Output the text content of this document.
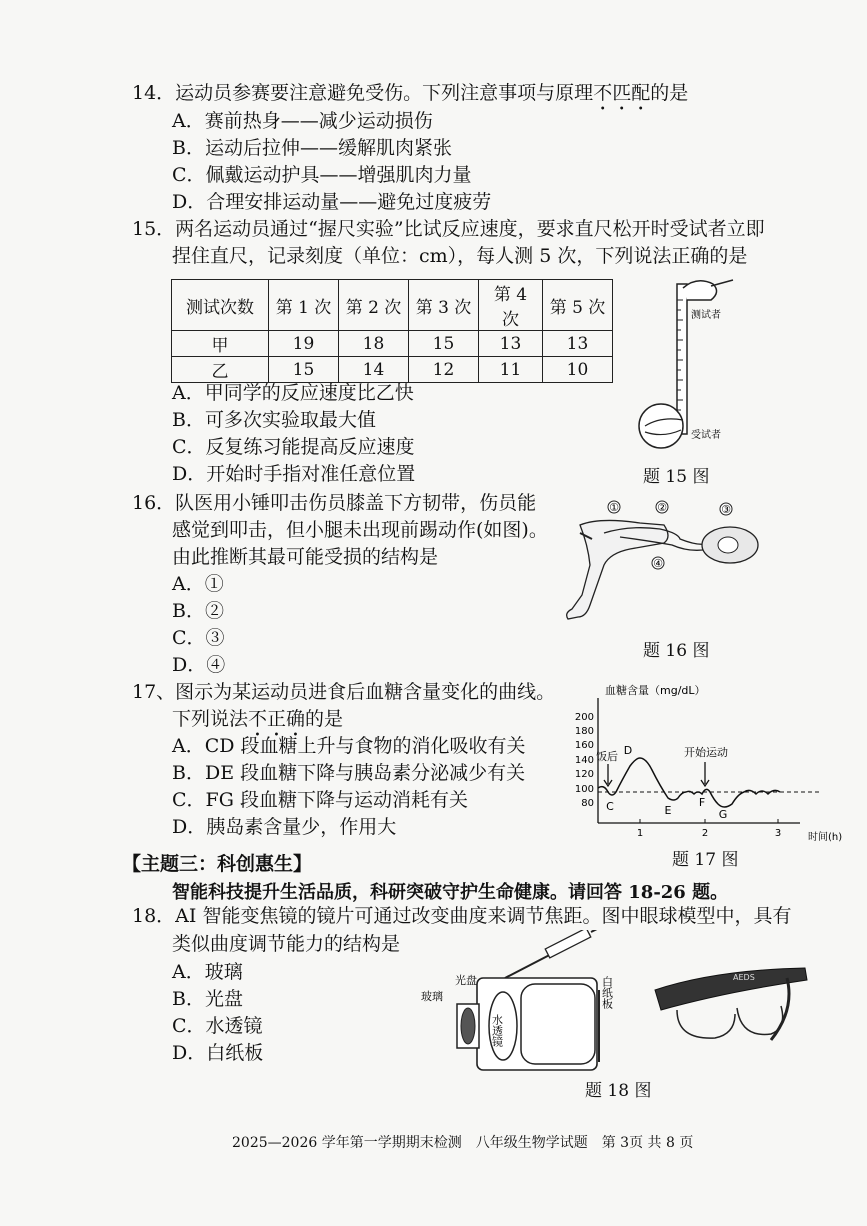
14．运动员参赛要注意避免受伤。下列注意事项与原理不匹配的是
A．赛前热身——减少运动损伤
B．运动后拉伸——缓解肌肉紧张
C．佩戴运动护具——增强肌肉力量
D．合理安排运动量——避免过度疲劳
15．两名运动员通过“握尺实验”比试反应速度，要求直尺松开时受试者立即
捏住直尺，记录刻度（单位：cm），每人测 5 次，下列说法正确的是
测试次数	第 1 次	第 2 次	第 3 次	第 4 次	第 5 次
甲	19	18	15	13	13
乙	15	14	12	11	10
A．甲同学的反应速度比乙快
B．可多次实验取最大值
C．反复练习能提高反应速度
D．开始时手指对准任意位置
测试者
受试者
题 15 图
16．队医用小锤叩击伤员膝盖下方韧带，伤员能
感觉到叩击，但小腿未出现前踢动作(如图)。
由此推断其最可能受损的结构是
A．①
B．②
C．③
D．④
①	②	③
④
题 16 图
17、图示为某运动员进食后血糖含量变化的曲线。
下列说法不正确的是
A．CD 段血糖上升与食物的消化吸收有关
B．DE 段血糖下降与胰岛素分泌减少有关
C．FG 段血糖下降与运动消耗有关
D．胰岛素含量少，作用大
血糖含量（mg/dL）
200
180
160
140
120
100
80
1	2	3	时间(h)
饭后	开始运动
C
D
E
F
G
题 17 图
【主题三：科创惠生】
智能科技提升生活品质，科研突破守护生命健康。请回答 18-26 题。
18．AI 智能变焦镜的镜片可通过改变曲度来调节焦距。图中眼球模型中，具有
类似曲度调节能力的结构是
A．玻璃
B．光盘
C．水透镜
D．白纸板
水透镜
玻璃
光盘	白纸板	AEDS
题 18 图
2025—2026 学年第一学期期末检测　八年级生物学试题　第 3页 共 8 页
